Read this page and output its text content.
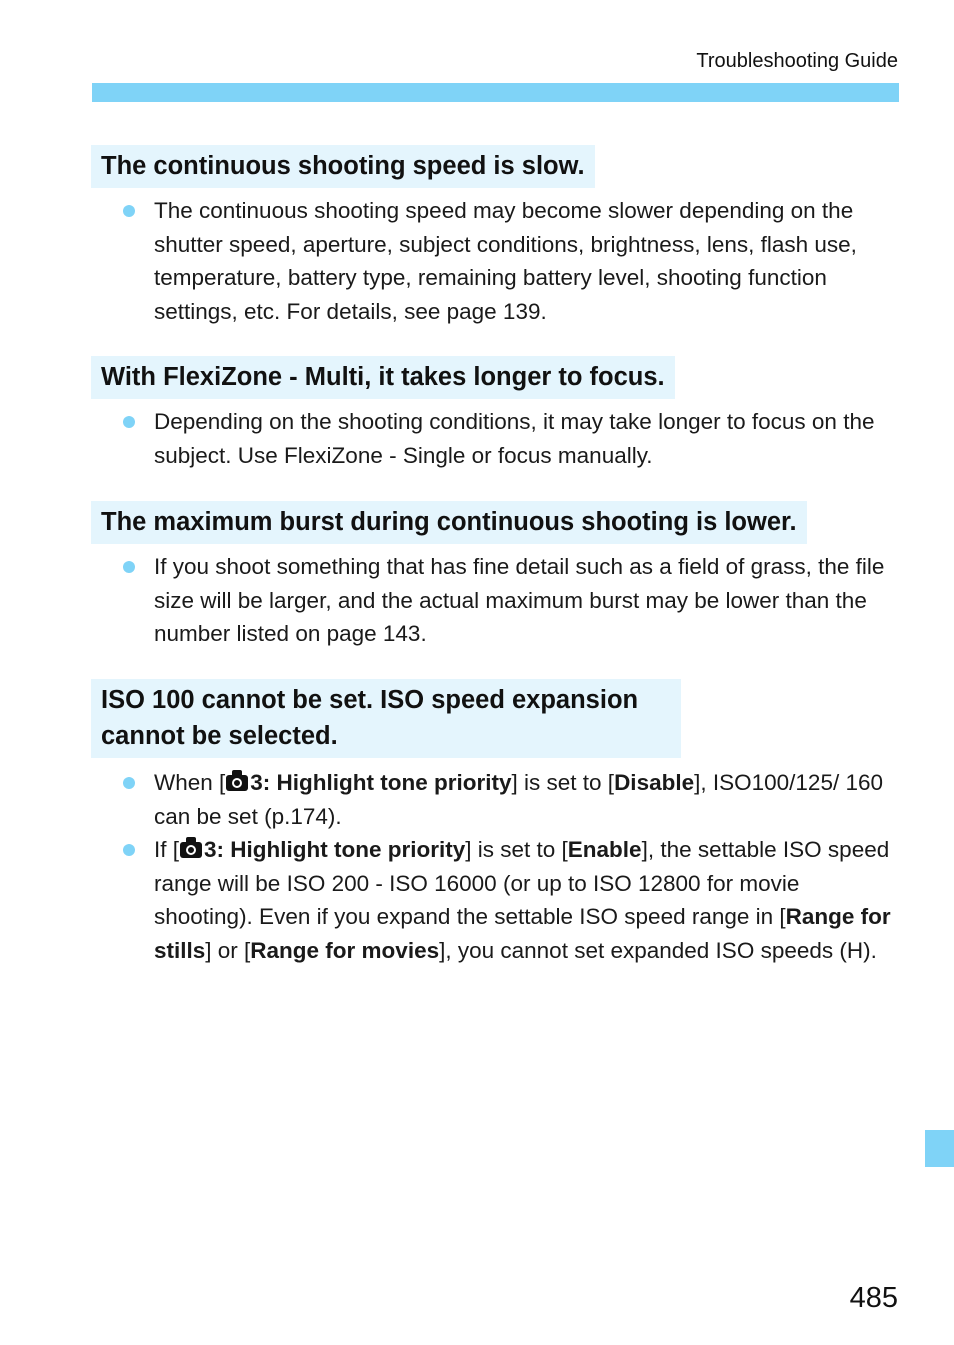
Troubleshooting Guide
The continuous shooting speed is slow.
The continuous shooting speed may become slower depending on the shutter speed, aperture, subject conditions, brightness, lens, flash use, temperature, battery type, remaining battery level, shooting function settings, etc. For details, see page 139.
With FlexiZone - Multi, it takes longer to focus.
Depending on the shooting conditions, it may take longer to focus on the subject. Use FlexiZone - Single or focus manually.
The maximum burst during continuous shooting is lower.
If you shoot something that has fine detail such as a field of grass, the file size will be larger, and the actual maximum burst may be lower than the number listed on page 143.
ISO 100 cannot be set. ISO speed expansion
cannot be selected.
When [ 3: Highlight tone priority] is set to [Disable], ISO100/125/ 160 can be set (p.174).
If [ 3: Highlight tone priority] is set to [Enable], the settable ISO speed range will be ISO 200 - ISO 16000 (or up to ISO 12800 for movie shooting). Even if you expand the settable ISO speed range in [Range for stills] or [Range for movies], you cannot set expanded ISO speeds (H).
485
